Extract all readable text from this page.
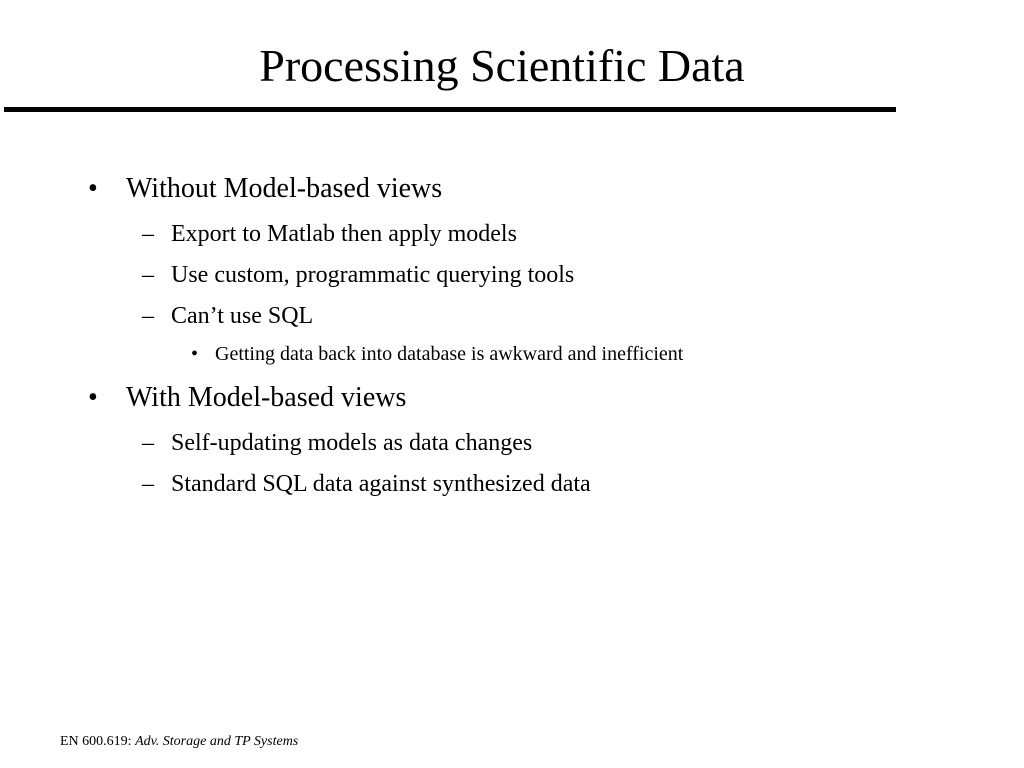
Processing Scientific Data
• Without Model-based views
– Export to Matlab then apply models
– Use custom, programmatic querying tools
– Can’t use SQL
• Getting data back into database is awkward and inefficient
• With Model-based views
– Self-updating models as data changes
– Standard SQL data against synthesized data
EN 600.619: Adv. Storage and TP Systems
